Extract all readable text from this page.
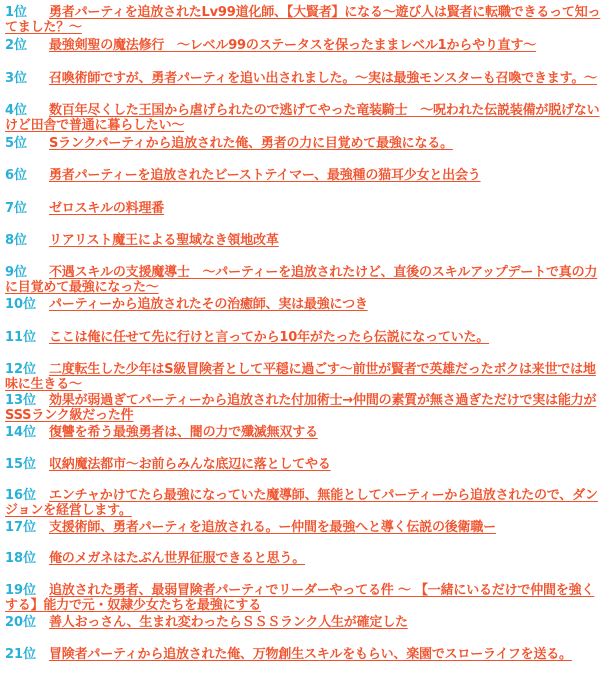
1位	勇者パーティを追放されたLv99道化師、【大賢者】になる〜遊び人は賢者に転職できるって知ってました？〜
2位 最強剣聖の魔法修行　〜レベル99のステータスを保ったままレベル1からやり直す〜
3位	召喚術師ですが、勇者パーティを追い出されました。〜実は最強モンスターも召喚できます。〜
4位	数百年尽くした王国から虐げられたので逃げてやった竜装騎士　〜呪われた伝説装備が脱げないけど田舎で普通に暮らしたい〜
5位 Sランクパーティから追放された俺、勇者の力に目覚めて最強になる。
6位 勇者パーティーを追放されたビーストテイマー、最強種の猫耳少女と出会う
7位 ゼロスキルの料理番
8位 リアリスト魔王による聖域なき領地改革
9位	不遇スキルの支援魔導士　〜パーティーを追放されたけど、直後のスキルアップデートで真の力に目覚めて最強になった〜
10位 パーティーから追放されたその治癒師、実は最強につき
11位 ここは俺に任せて先に行けと言ってから10年がたったら伝説になっていた。
12位 二度転生した少年はS級冒険者として平穏に過ごす〜前世が賢者で英雄だったボクは来世では地味に生きる〜
13位 効果が弱過ぎてパーティーから追放された付加術士→仲間の素質が無さ過ぎただけで実は能力がSSSランク級だった件
14位 復讐を希う最強勇者は、闇の力で殲滅無双する
15位 収納魔法都市〜お前らみんな底辺に落としてやる
16位 エンチャかけてたら最強になっていた魔導師、無能としてパーティーから追放されたので、ダンジョンを経営します。
17位 支援術師、勇者パーティを追放される。ー仲間を最強へと導く伝説の後衛職ー
18位 俺のメガネはたぶん世界征服できると思う。
19位 追放された勇者、最弱冒険者パーティでリーダーやってる件 〜 【一緒にいるだけで仲間を強くする】能力で元・奴隷少女たちを最強にする
20位 善人おっさん、生まれ変わったらＳＳＳランク人生が確定した
21位 冒険者パーティから追放された俺、万物創生スキルをもらい、楽園でスローライフを送る。
